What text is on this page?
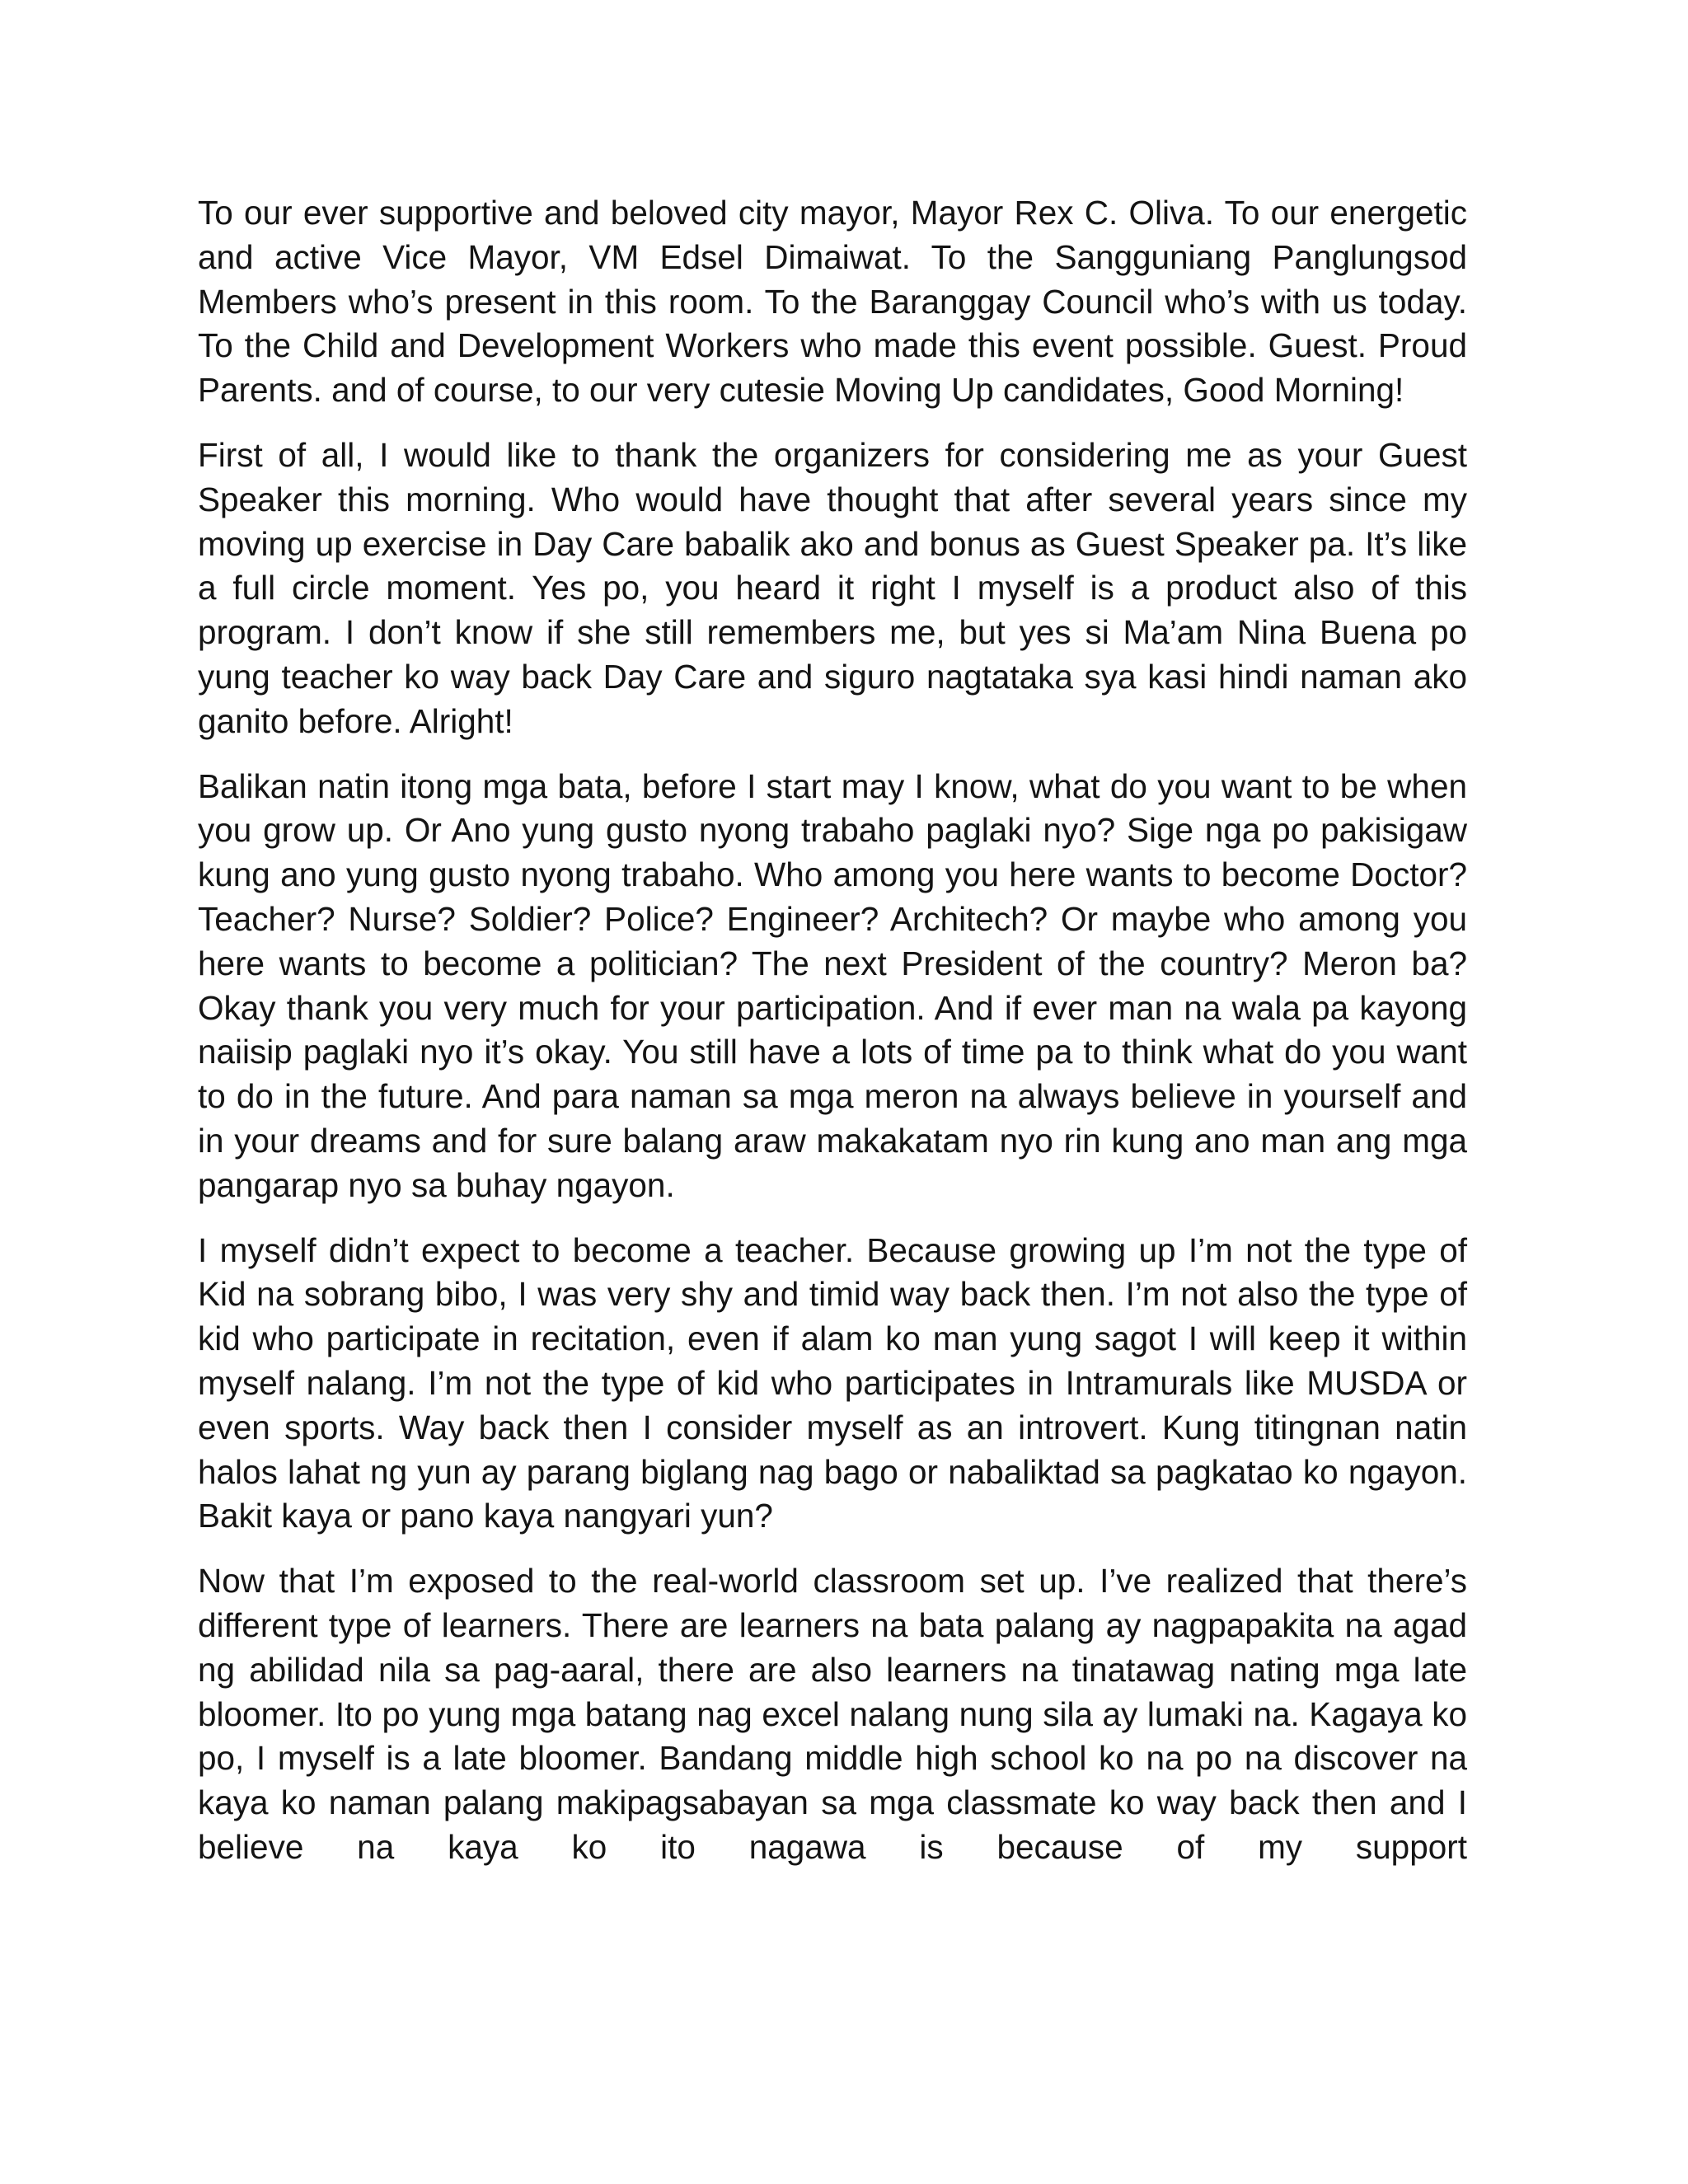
To our ever supportive and beloved city mayor, Mayor Rex C. Oliva. To our energetic and active Vice Mayor, VM Edsel Dimaiwat. To the Sangguniang Panglungsod Members who’s present in this room. To the Baranggay Council who’s with us today. To the Child and Development Workers who made this event possible. Guest. Proud Parents. and of course, to our very cutesie Moving Up candidates, Good Morning!

First of all, I would like to thank the organizers for considering me as your Guest Speaker this morning. Who would have thought that after several years since my moving up exercise in Day Care babalik ako and bonus as Guest Speaker pa. It’s like a full circle moment. Yes po, you heard it right I myself is a product also of this program. I don’t know if she still remembers me, but yes si Ma’am Nina Buena po yung teacher ko way back Day Care and siguro nagtataka sya kasi hindi naman ako ganito before. Alright!

Balikan natin itong mga bata, before I start may I know, what do you want to be when you grow up. Or Ano yung gusto nyong trabaho paglaki nyo? Sige nga po pakisigaw kung ano yung gusto nyong trabaho. Who among you here wants to become Doctor? Teacher? Nurse? Soldier? Police? Engineer? Architech? Or maybe who among you here wants to become a politician? The next President of the country? Meron ba? Okay thank you very much for your participation. And if ever man na wala pa kayong naiisip paglaki nyo it’s okay. You still have a lots of time pa to think what do you want to do in the future. And para naman sa mga meron na always believe in yourself and in your dreams and for sure balang araw makakatam nyo rin kung ano man ang mga pangarap nyo sa buhay ngayon.

I myself didn’t expect to become a teacher. Because growing up I’m not the type of Kid na sobrang bibo, I was very shy and timid way back then. I’m not also the type of kid who participate in recitation, even if alam ko man yung sagot I will keep it within myself nalang. I’m not the type of kid who participates in Intramurals like MUSDA or even sports. Way back then I consider myself as an introvert. Kung titingnan natin halos lahat ng yun ay parang biglang nag bago or nabaliktad sa pagkatao ko ngayon. Bakit kaya or pano kaya nangyari yun?

Now that I’m exposed to the real-world classroom set up. I’ve realized that there’s different type of learners. There are learners na bata palang ay nagpapakita na agad ng abilidad nila sa pag-aaral, there are also learners na tinatawag nating mga late bloomer. Ito po yung mga batang nag excel nalang nung sila ay lumaki na. Kagaya ko po, I myself is a late bloomer. Bandang middle high school ko na po na discover na kaya ko naman palang makipagsabayan sa mga classmate ko way back then and I believe na kaya ko ito nagawa is because of my support
